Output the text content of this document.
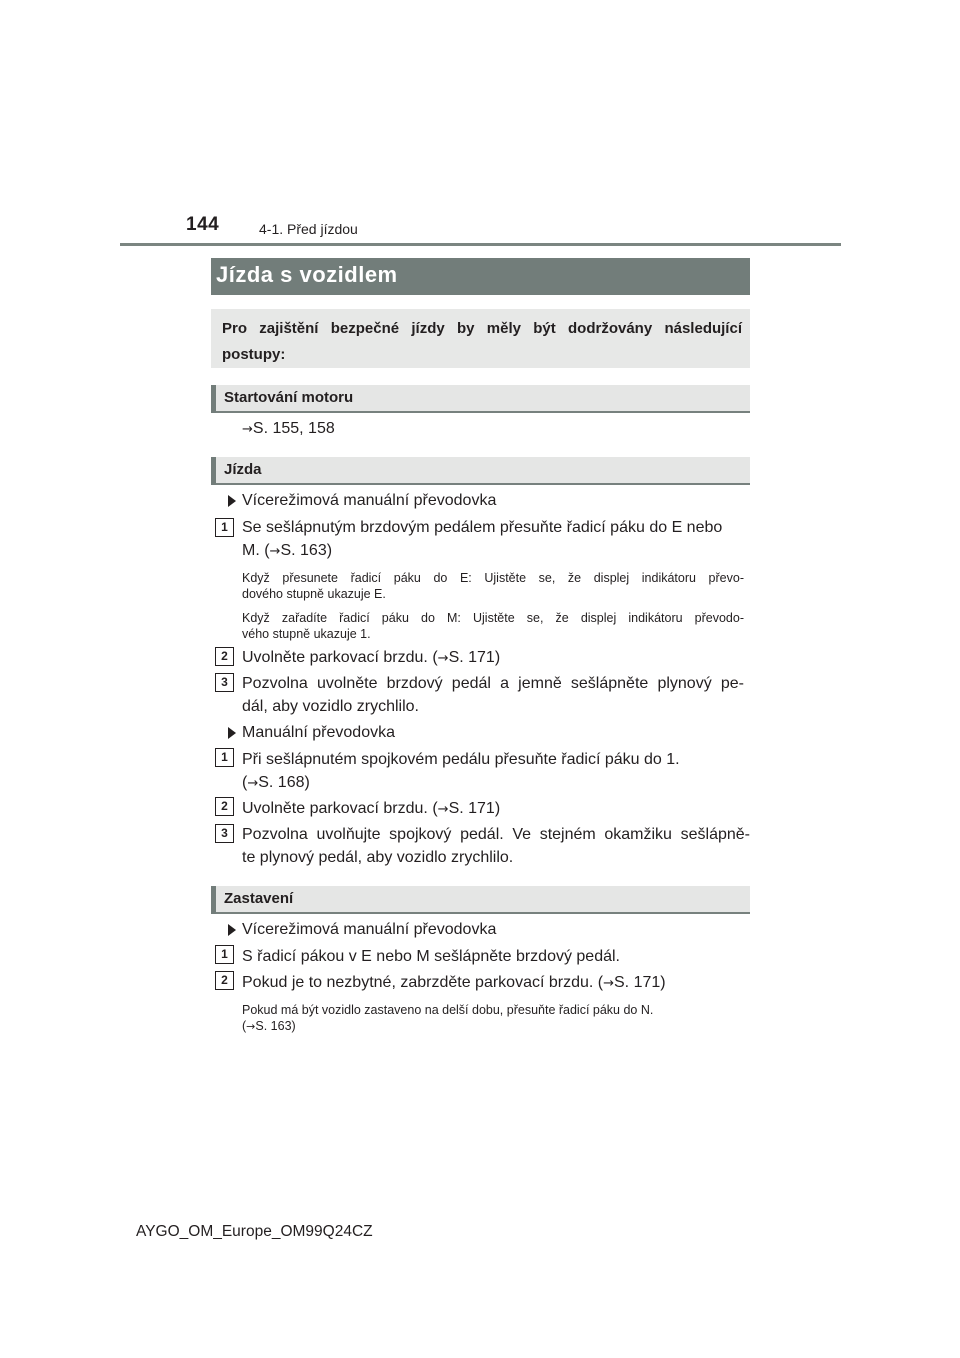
144	4-1. Před jízdou
Jízda s vozidlem
Pro zajištění bezpečné jízdy by měly být dodržovány následující postupy:
Startování motoru
→S. 155, 158
Jízda
Vícerežimová manuální převodovka
1 Se sešlápnutým brzdovým pedálem přesuňte řadicí páku do E nebo
M. (→S. 163)
Když přesunete řadicí páku do E: Ujistěte se, že displej indikátoru převo-
dového stupně ukazuje E.
Když zařadíte řadicí páku do M: Ujistěte se, že displej indikátoru převodo-
vého stupně ukazuje 1.
2 Uvolněte parkovací brzdu. (→S. 171)
3 Pozvolna uvolněte brzdový pedál a jemně sešlápněte plynový pe-
dál, aby vozidlo zrychlilo.
Manuální převodovka
1 Při sešlápnutém spojkovém pedálu přesuňte řadicí páku do 1.
(→S. 168)
2 Uvolněte parkovací brzdu. (→S. 171)
3 Pozvolna uvolňujte spojkový pedál. Ve stejném okamžiku sešlápně-
te plynový pedál, aby vozidlo zrychlilo.
Zastavení
Vícerežimová manuální převodovka
1 S řadicí pákou v E nebo M sešlápněte brzdový pedál.
2 Pokud je to nezbytné, zabrzděte parkovací brzdu. (→S. 171)
Pokud má být vozidlo zastaveno na delší dobu, přesuňte řadicí páku do N.
(→S. 163)
AYGO_OM_Europe_OM99Q24CZ
